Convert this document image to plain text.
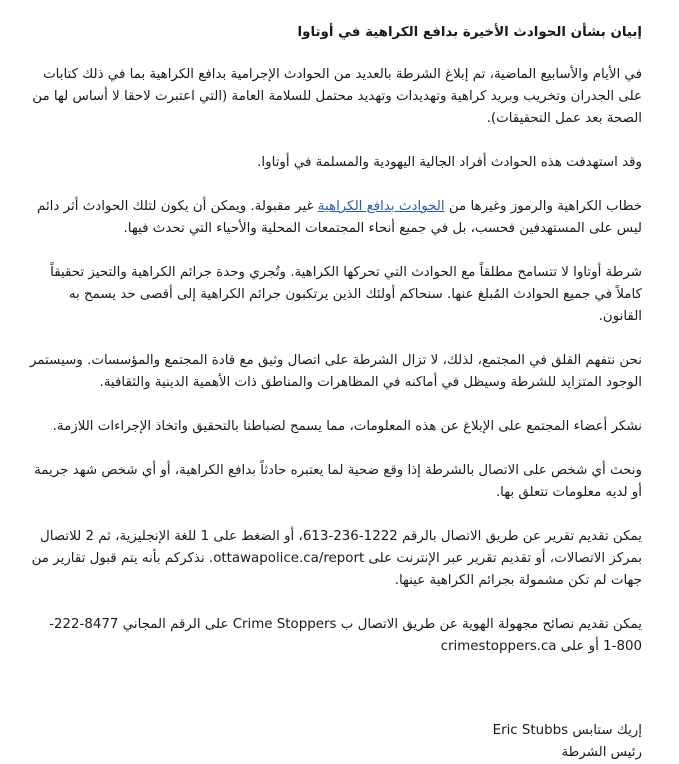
إبيان بشأن الحوادث الأخيرة بدافع الكراهية في أوتاوا

في الأيام والأسابيع الماضية، تم إبلاغ الشرطة بالعديد من الحوادث الإجرامية بدافع الكراهية بما في ذلك كتابات على الجدران وتخريب وبريد كراهية وتهديدات وتهديد محتمل للسلامة العامة (التي اعتبرت لاحقا لا أساس لها من الصحة بعد عمل التحقيقات).

وقد استهدفت هذه الحوادث أفراد الجالية اليهودية والمسلمة في أوتاوا.

خطاب الكراهية والرموز وغيرها من الحوادث بدافع الكراهية غير مقبولة. ويمكن أن يكون لتلك الحوادث أثر دائم ليس على المستهدفين فحسب، بل في جميع أنحاء المجتمعات المحلية والأحياء التي تحدث فيها.

شرطة أوتاوا لا تتسامح مطلقاً مع الحوادث التي تحركها الكراهية. وتُجري وحدة جرائم الكراهية والتحيز تحقيقاً كاملاً في جميع الحوادث المُبلغ عنها. سنحاكم أولئك الذين يرتكبون جرائم الكراهية إلى أقصى حد يسمح به القانون.

نحن نتفهم القلق في المجتمع، لذلك، لا تزال الشرطة على اتصال وثيق مع قادة المجتمع والمؤسسات. وسيستمر الوجود المتزايد للشرطة وسيظل في أماكنه في المظاهرات والمناطق ذات الأهمية الدينية والثقافية.

نشكر أعضاء المجتمع على الإبلاغ عن هذه المعلومات، مما يسمح لضباطنا بالتحقيق واتخاذ الإجراءات اللازمة.

ونحث أي شخص على الاتصال بالشرطة إذا وقع ضحية لما يعتبره حادثاً بدافع الكراهية، أو أي شخص شهد جريمة أو لديه معلومات تتعلق بها.

يمكن تقديم تقرير عن طريق الاتصال بالرقم 1222-236-613، أو الضغط على 1 للغة الإنجليزية، ثم 2 للاتصال بمركز الاتصالات، أو تقديم تقرير عبر الإنترنت على ottawapolice.ca/report. نذكركم بأنه يتم قبول تقارير من جهات لم تكن مشمولة بجرائم الكراهية عينها.

يمكن تقديم نصائح مجهولة الهوية عن طريق الاتصال ب Crime Stoppers على الرقم المجاني 8477-222-800-1 أو على crimestoppers.ca

إريك ستابس Eric Stubbs
رئيس الشرطة
